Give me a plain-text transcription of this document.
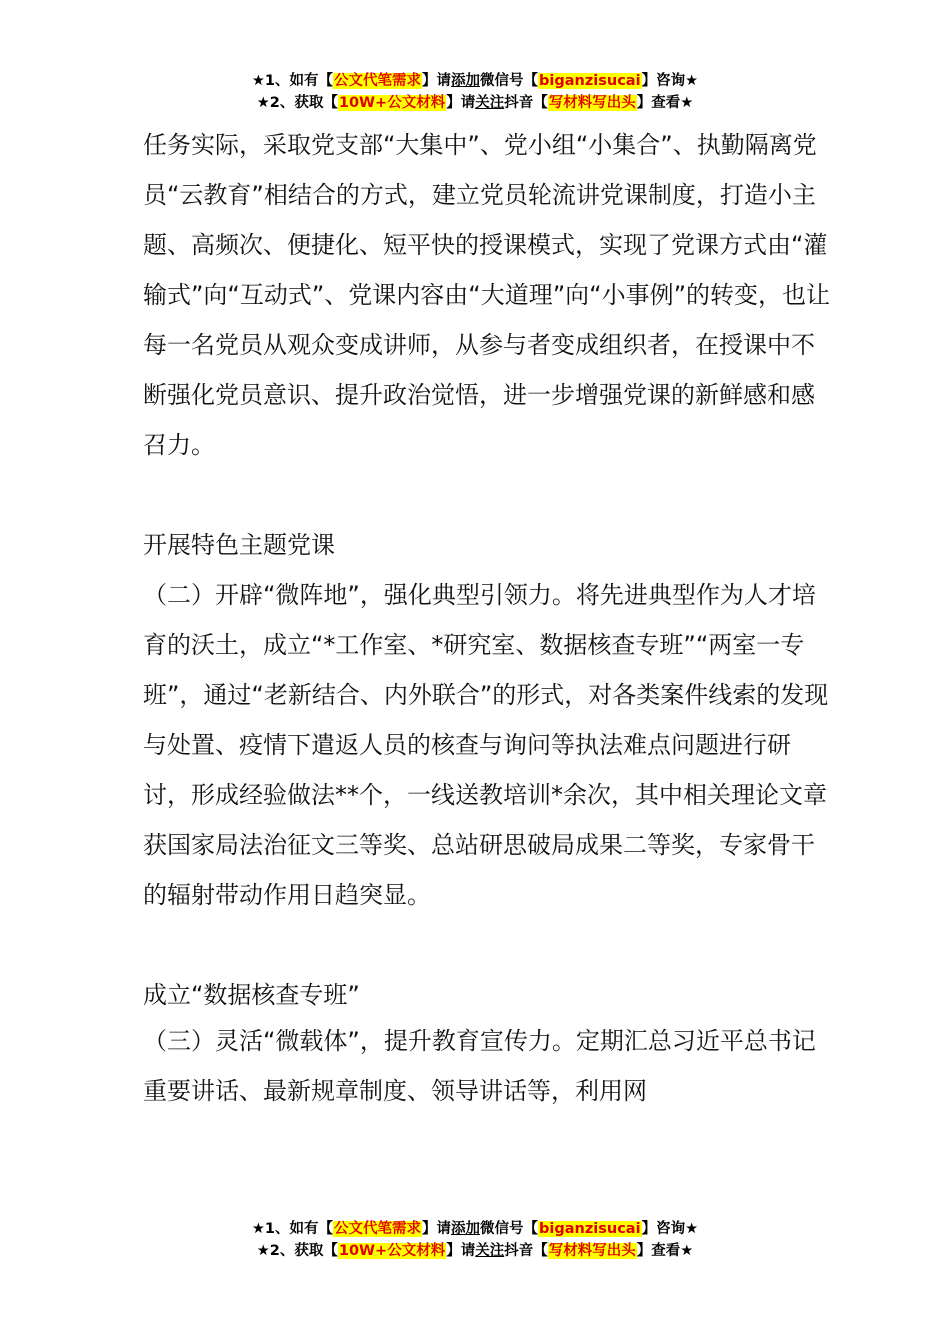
★1、如有【公文代笔需求】请添加微信号【biganzisucai】咨询★
★2、获取【10W+公文材料】请关注抖音【写材料写出头】查看★

任务实际，采取党支部“大集中”、党小组“小集合”、执勤隔离党员“云教育”相结合的方式，建立党员轮流讲党课制度，打造小主题、高频次、便捷化、短平快的授课模式，实现了党课方式由“灌输式”向“互动式”、党课内容由“大道理”向“小事例”的转变，也让每一名党员从观众变成讲师，从参与者变成组织者，在授课中不断强化党员意识、提升政治觉悟，进一步增强党课的新鲜感和感召力。

开展特色主题党课

（二）开辟“微阵地”，强化典型引领力。将先进典型作为人才培育的沃土，成立“*工作室、*研究室、数据核查专班”“两室一专班”，通过“老新结合、内外联合”的形式，对各类案件线索的发现与处置、疫情下遣返人员的核查与询问等执法难点问题进行研讨，形成经验做法**个，一线送教培训*余次，其中相关理论文章获国家局法治征文三等奖、总站研思破局成果二等奖，专家骨干的辐射带动作用日趋突显。

成立“数据核查专班”

（三）灵活“微载体”，提升教育宣传力。定期汇总习近平总书记重要讲话、最新规章制度、领导讲话等，利用网

★1、如有【公文代笔需求】请添加微信号【biganzisucai】咨询★
★2、获取【10W+公文材料】请关注抖音【写材料写出头】查看★
